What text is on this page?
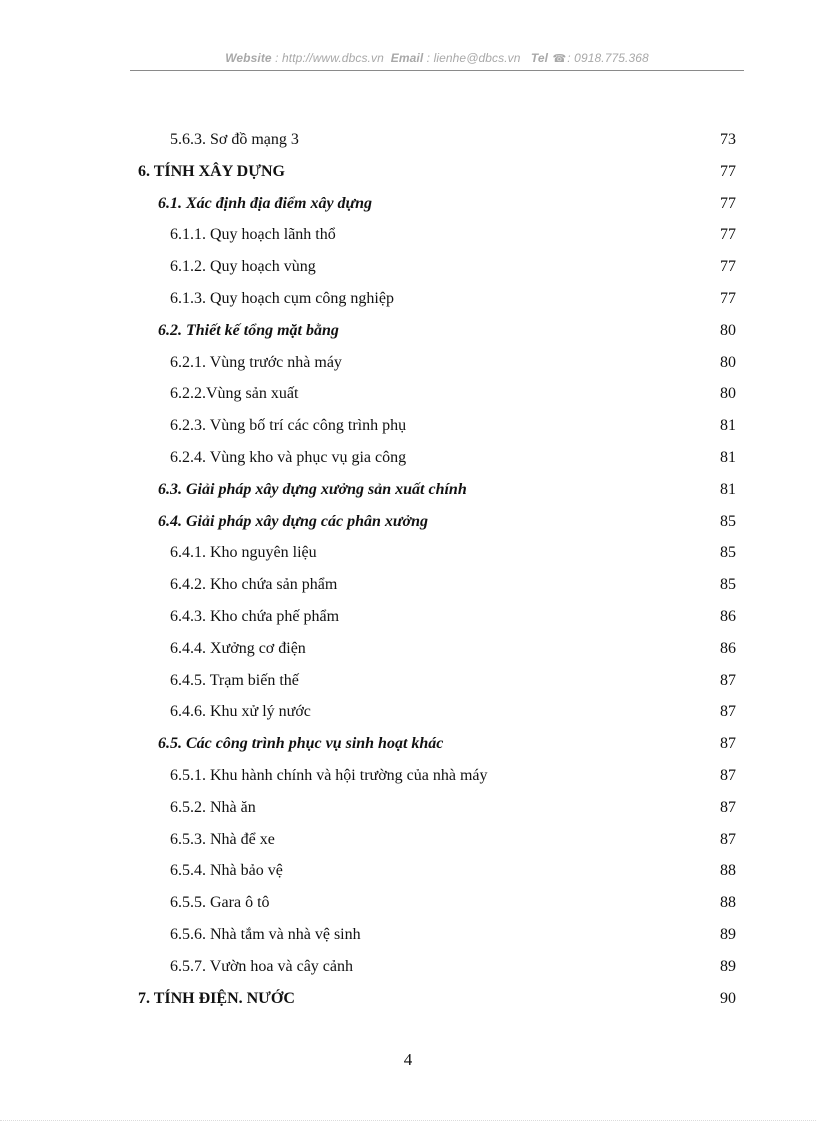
Website : http://www.dbcs.vn Email : lienhe@dbcs.vn Tel ☎: 0918.775.368
5.6.3. Sơ đồ mạng 3	73
6. TÍNH XÂY DỰNG	77
6.1. Xác định địa điểm xây dựng	77
6.1.1. Quy hoạch lãnh thổ	77
6.1.2. Quy hoạch vùng	77
6.1.3. Quy hoạch cụm công nghiệp	77
6.2. Thiết kế tổng mặt bằng	80
6.2.1. Vùng trước nhà máy	80
6.2.2.Vùng sản xuất	80
6.2.3. Vùng bố trí các công trình phụ	81
6.2.4. Vùng kho và phục vụ gia công	81
6.3. Giải pháp xây dựng xưởng sản xuất chính	81
6.4. Giải pháp xây dựng các phân xưởng	85
6.4.1. Kho nguyên liệu	85
6.4.2. Kho chứa sản phẩm	85
6.4.3. Kho chứa phế phẩm	86
6.4.4. Xưởng cơ điện	86
6.4.5. Trạm biến thế	87
6.4.6. Khu xử lý nước	87
6.5. Các công trình phục vụ sinh hoạt khác	87
6.5.1. Khu hành chính và hội trường của nhà máy	87
6.5.2. Nhà ăn	87
6.5.3. Nhà để xe	87
6.5.4. Nhà bảo vệ	88
6.5.5. Gara ô tô	88
6.5.6. Nhà tắm và nhà vệ sinh	89
6.5.7. Vườn hoa và cây cảnh	89
7. TÍNH ĐIỆN. NƯỚC	90
4
